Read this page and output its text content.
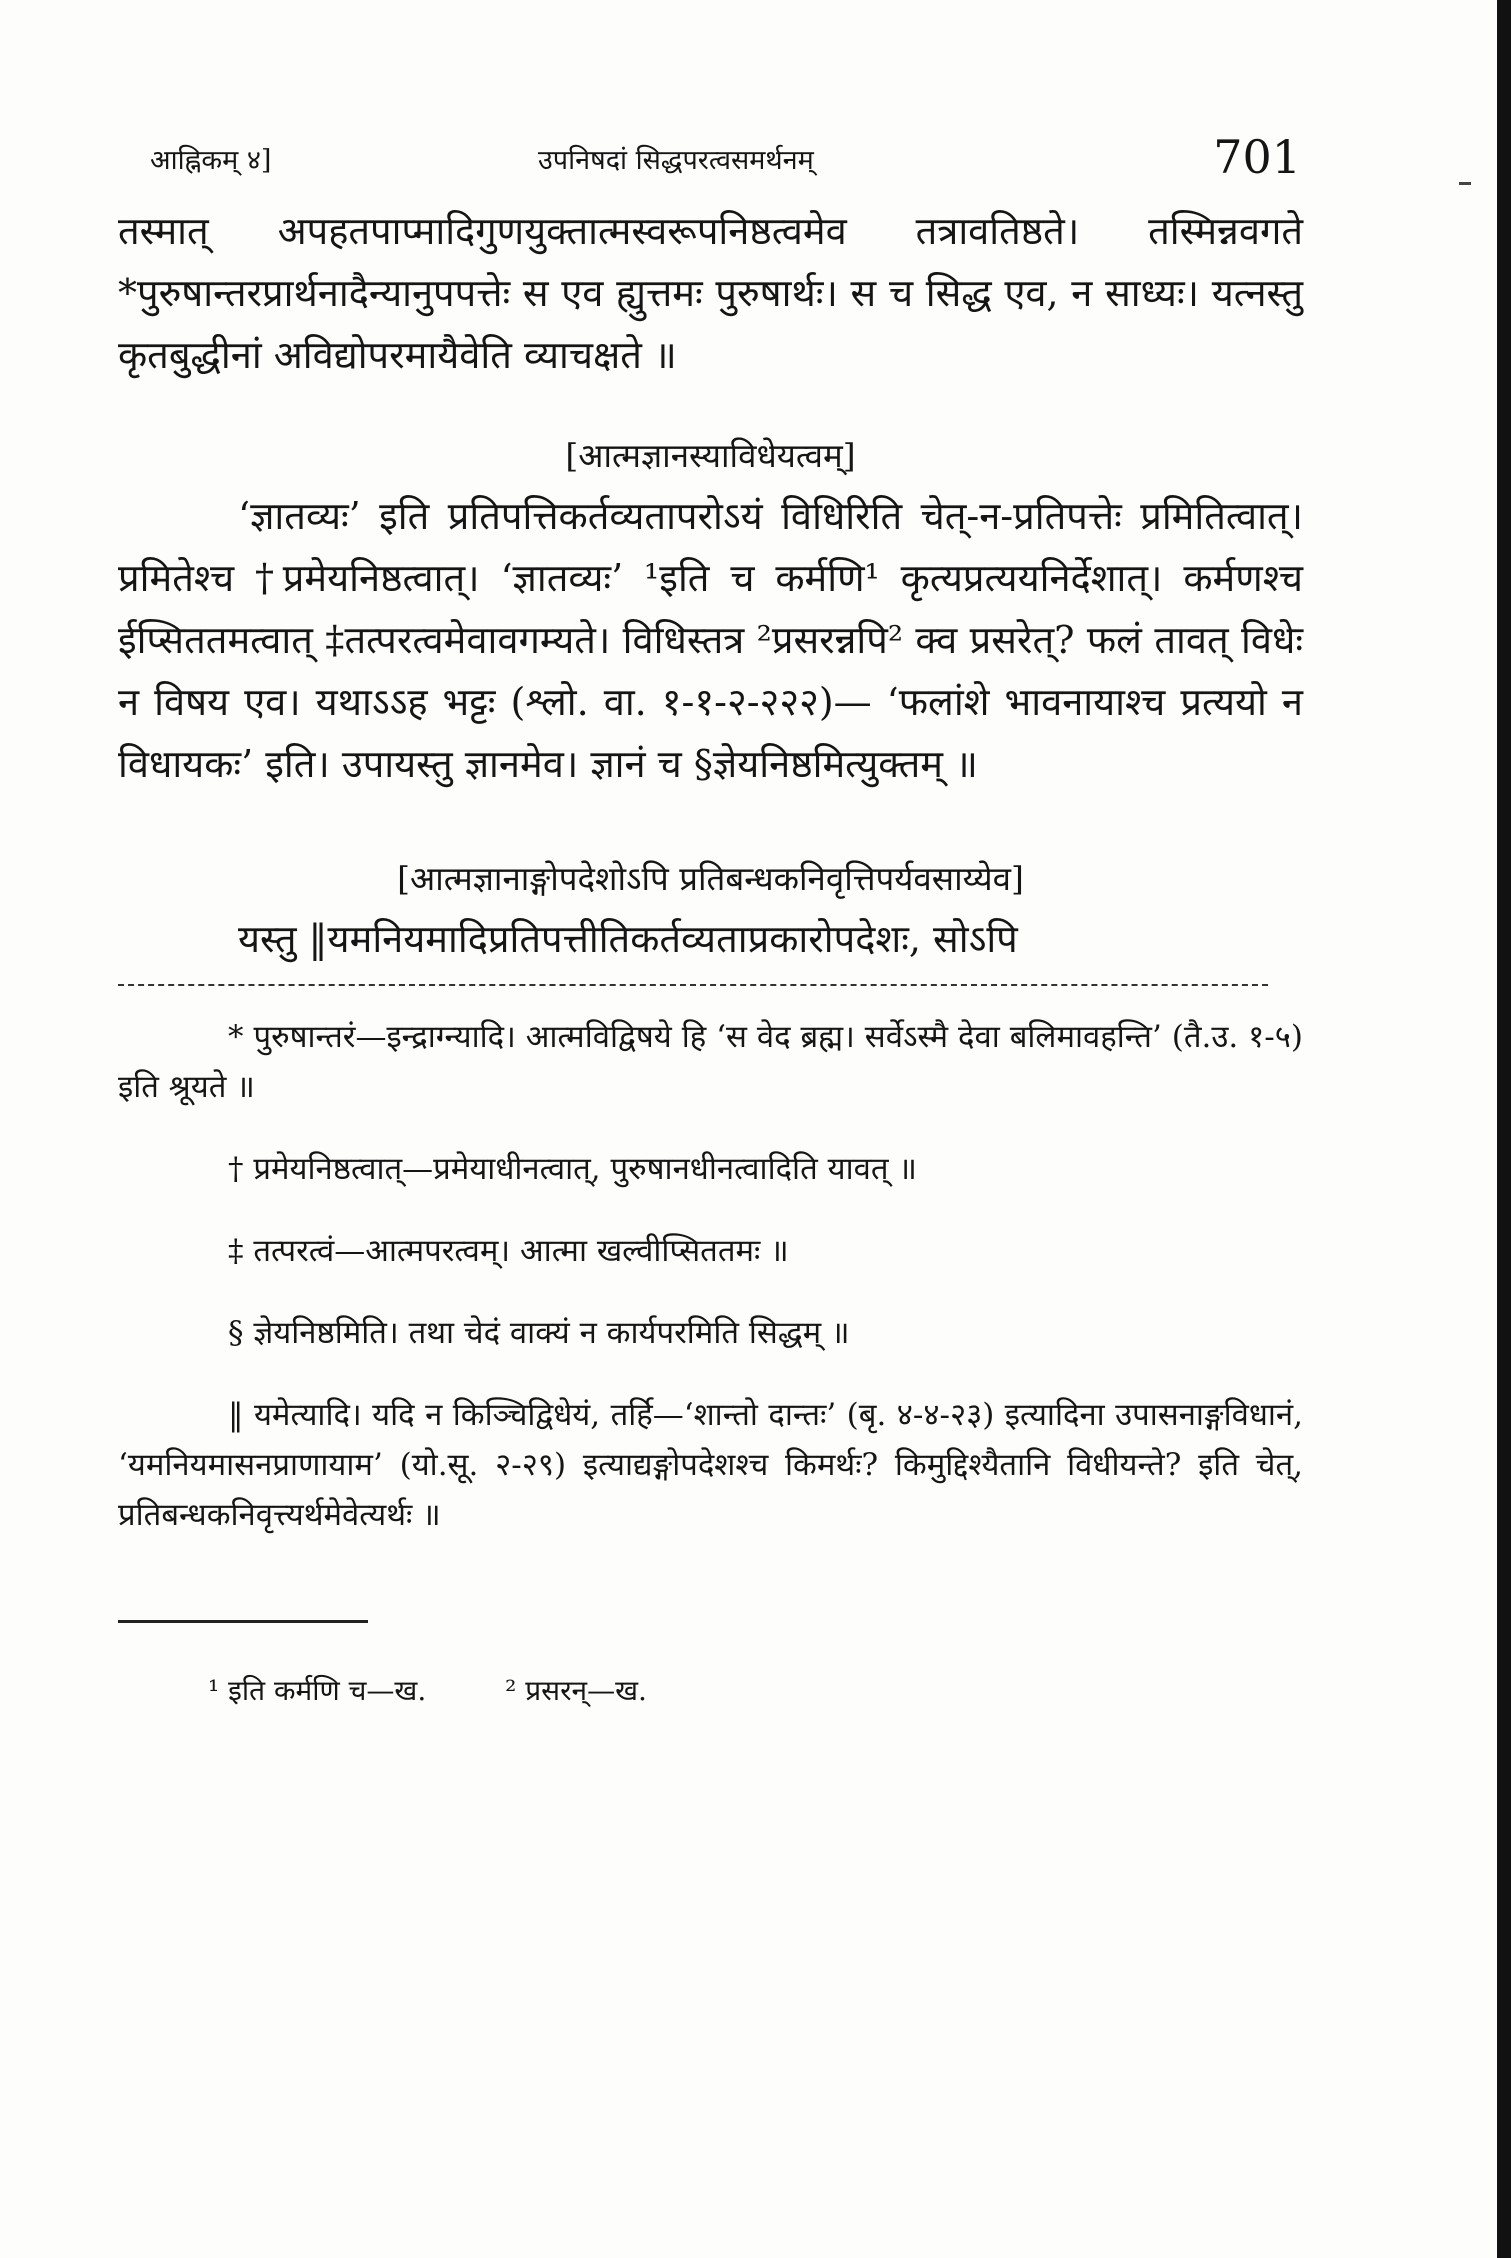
आह्निकम् ४]	उपनिषदां सिद्धपरत्वसमर्थनम्	701

तस्मात् अपहतपाप्मादिगुणयुक्तात्मस्वरूपनिष्ठत्वमेव तत्रावतिष्ठते। तस्मिन्नवगते *पुरुषान्तरप्रार्थनादैन्यानुपपत्तेः स एव ह्युत्तमः पुरुषार्थः। स च सिद्ध एव, न साध्यः। यत्नस्तु कृतबुद्धीनां अविद्योपरमायैवेति व्याचक्षते ॥

[आत्मज्ञानस्याविधेयत्वम्]

‘ज्ञातव्यः’ इति प्रतिपत्तिकर्तव्यतापरोऽयं विधिरिति चेत्-न-प्रतिपत्तेः प्रमितित्वात्। प्रमितेश्च †प्रमेयनिष्ठत्वात्। ‘ज्ञातव्यः’ ¹इति च कर्मणि¹ कृत्यप्रत्ययनिर्देशात्। कर्मणश्च ईप्सिततमत्वात् ‡तत्परत्वमेवावगम्यते। विधिस्तत्र ²प्रसरन्नपि² क्व प्रसरेत्? फलं तावत् विधेः न विषय एव। यथाऽऽह भट्टः (श्लो. वा. १-१-२-२२२)— ‘फलांशे भावनायाश्च प्रत्ययो न विधायकः’ इति। उपायस्तु ज्ञानमेव। ज्ञानं च §ज्ञेयनिष्ठमित्युक्तम् ॥

[आत्मज्ञानाङ्गोपदेशोऽपि प्रतिबन्धकनिवृत्तिपर्यवसाय्येव]

यस्तु ‖यमनियमादिप्रतिपत्तीतिकर्तव्यताप्रकारोपदेशः, सोऽपि

* पुरुषान्तरं—इन्द्राग्न्यादि। आत्मविद्विषये हि ‘स वेद ब्रह्म। सर्वेऽस्मै देवा बलिमावहन्ति’ (तै.उ. १-५) इति श्रूयते ॥

† प्रमेयनिष्ठत्वात्—प्रमेयाधीनत्वात्, पुरुषानधीनत्वादिति यावत् ॥

‡ तत्परत्वं—आत्मपरत्वम्। आत्मा खल्वीप्सिततमः ॥

§ ज्ञेयनिष्ठमिति। तथा चेदं वाक्यं न कार्यपरमिति सिद्धम् ॥

‖ यमेत्यादि। यदि न किञ्चिद्विधेयं, तर्हि—‘शान्तो दान्तः’ (बृ. ४-४-२३) इत्यादिना उपासनाङ्गविधानं, ‘यमनियमासनप्राणायाम’ (यो.सू. २-२९) इत्याद्यङ्गोपदेशश्च किमर्थः? किमुद्दिश्यैतानि विधीयन्ते? इति चेत्, प्रतिबन्धकनिवृत्त्यर्थमेवेत्यर्थः ॥

¹ इति कर्मणि च—ख.	² प्रसरन्—ख.
